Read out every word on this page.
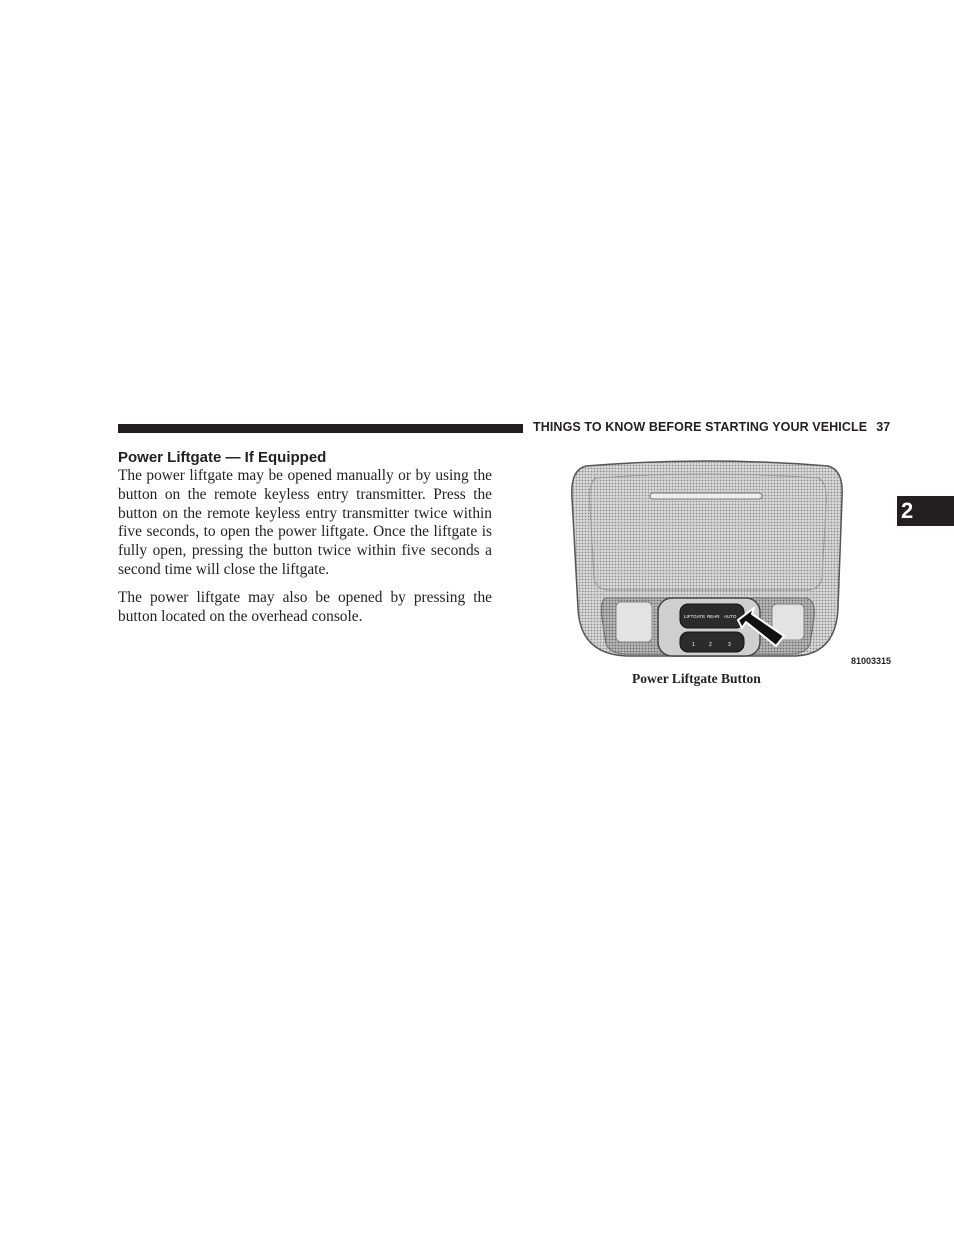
THINGS TO KNOW BEFORE STARTING YOUR VEHICLE 37
2
Power Liftgate — If Equipped

The power liftgate may be opened manually or by using the button on the remote keyless entry transmitter. Press the button on the remote keyless entry transmitter twice within five seconds, to open the power liftgate. Once the liftgate is fully open, pressing the button twice within five seconds a second time will close the liftgate.

The power liftgate may also be opened by pressing the button located on the overhead console.	LIFTGATE REAR AUTO
1	2	3
81003315
Power Liftgate Button
